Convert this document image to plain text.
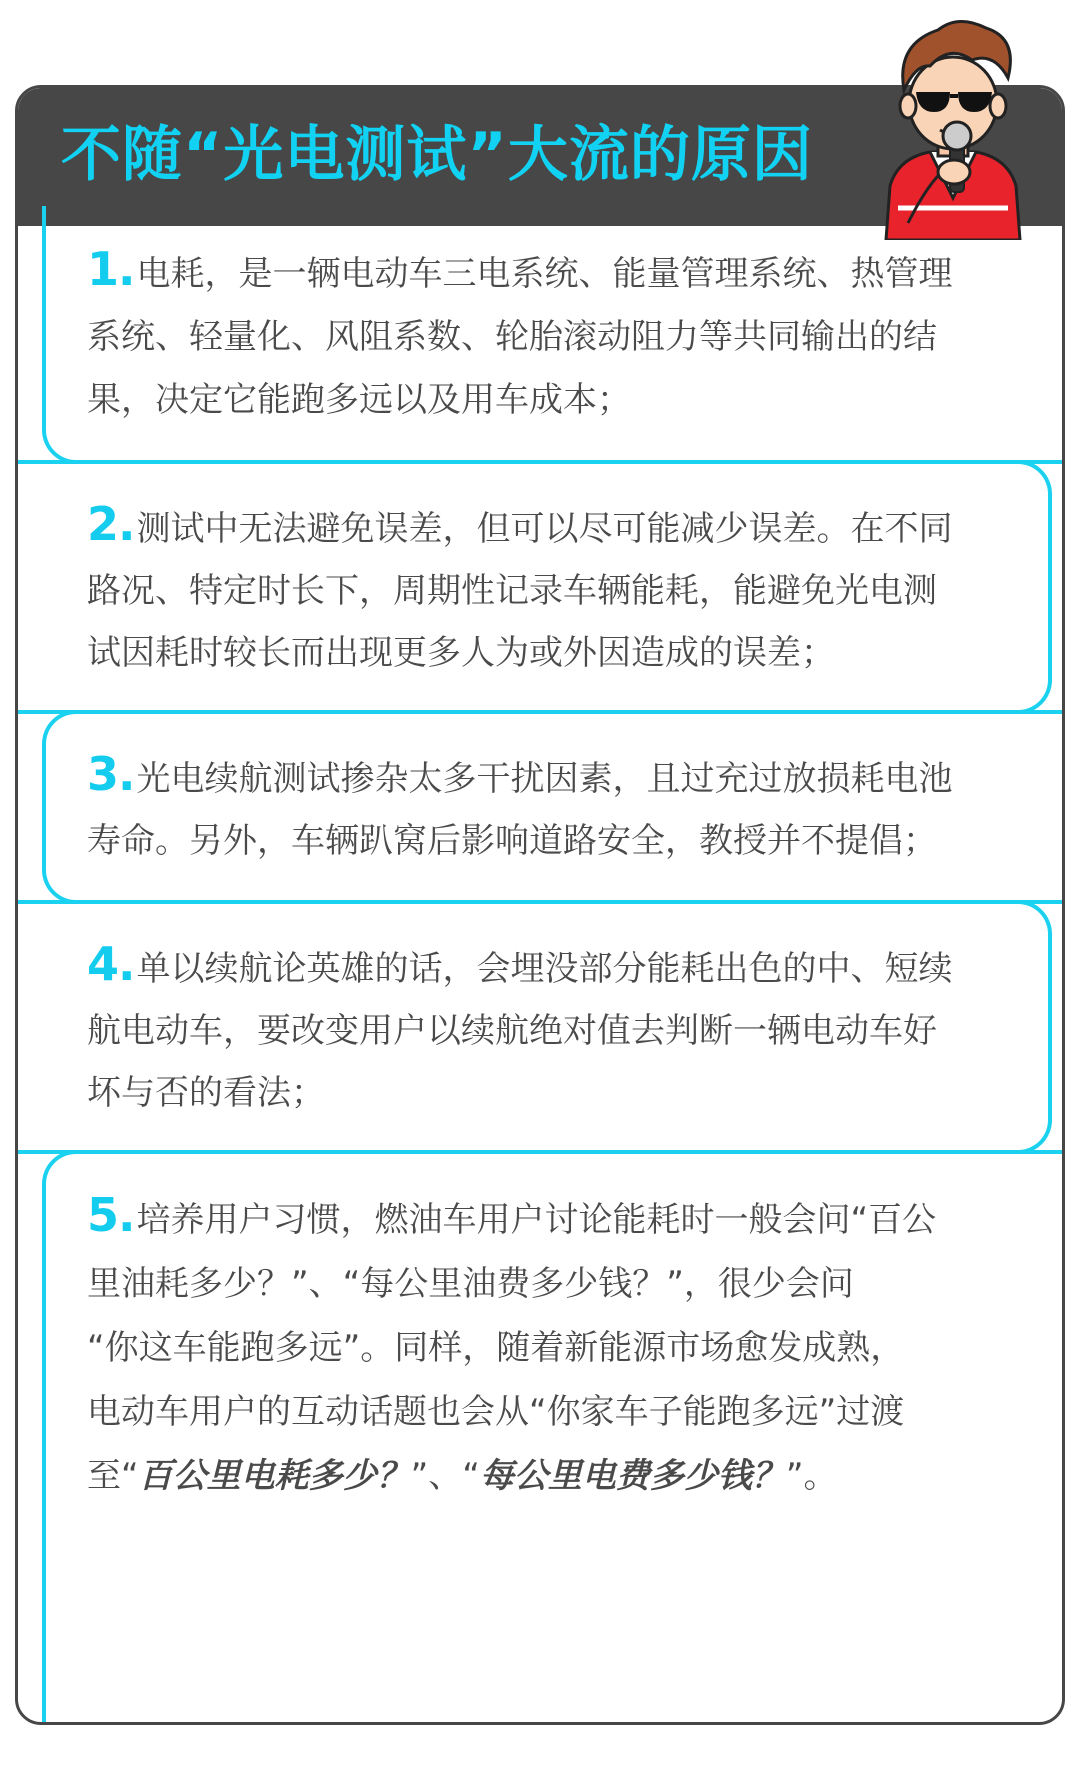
不随“光电测试”大流的原因

1.电耗，是一辆电动车三电系统、能量管理系统、热管理
系统、轻量化、风阻系数、轮胎滚动阻力等共同输出的结
果，决定它能跑多远以及用车成本；

2.测试中无法避免误差，但可以尽可能减少误差。在不同
路况、特定时长下，周期性记录车辆能耗，能避免光电测
试因耗时较长而出现更多人为或外因造成的误差；

3.光电续航测试掺杂太多干扰因素，且过充过放损耗电池
寿命。另外，车辆趴窝后影响道路安全，教授并不提倡；

4.单以续航论英雄的话，会埋没部分能耗出色的中、短续
航电动车，要改变用户以续航绝对值去判断一辆电动车好
坏与否的看法；

5.培养用户习惯，燃油车用户讨论能耗时一般会问“百公
里油耗多少？”、“每公里油费多少钱？”，很少会问
“你这车能跑多远”。同样，随着新能源市场愈发成熟，
电动车用户的互动话题也会从“你家车子能跑多远”过渡
至“百公里电耗多少？”、“每公里电费多少钱？”。
